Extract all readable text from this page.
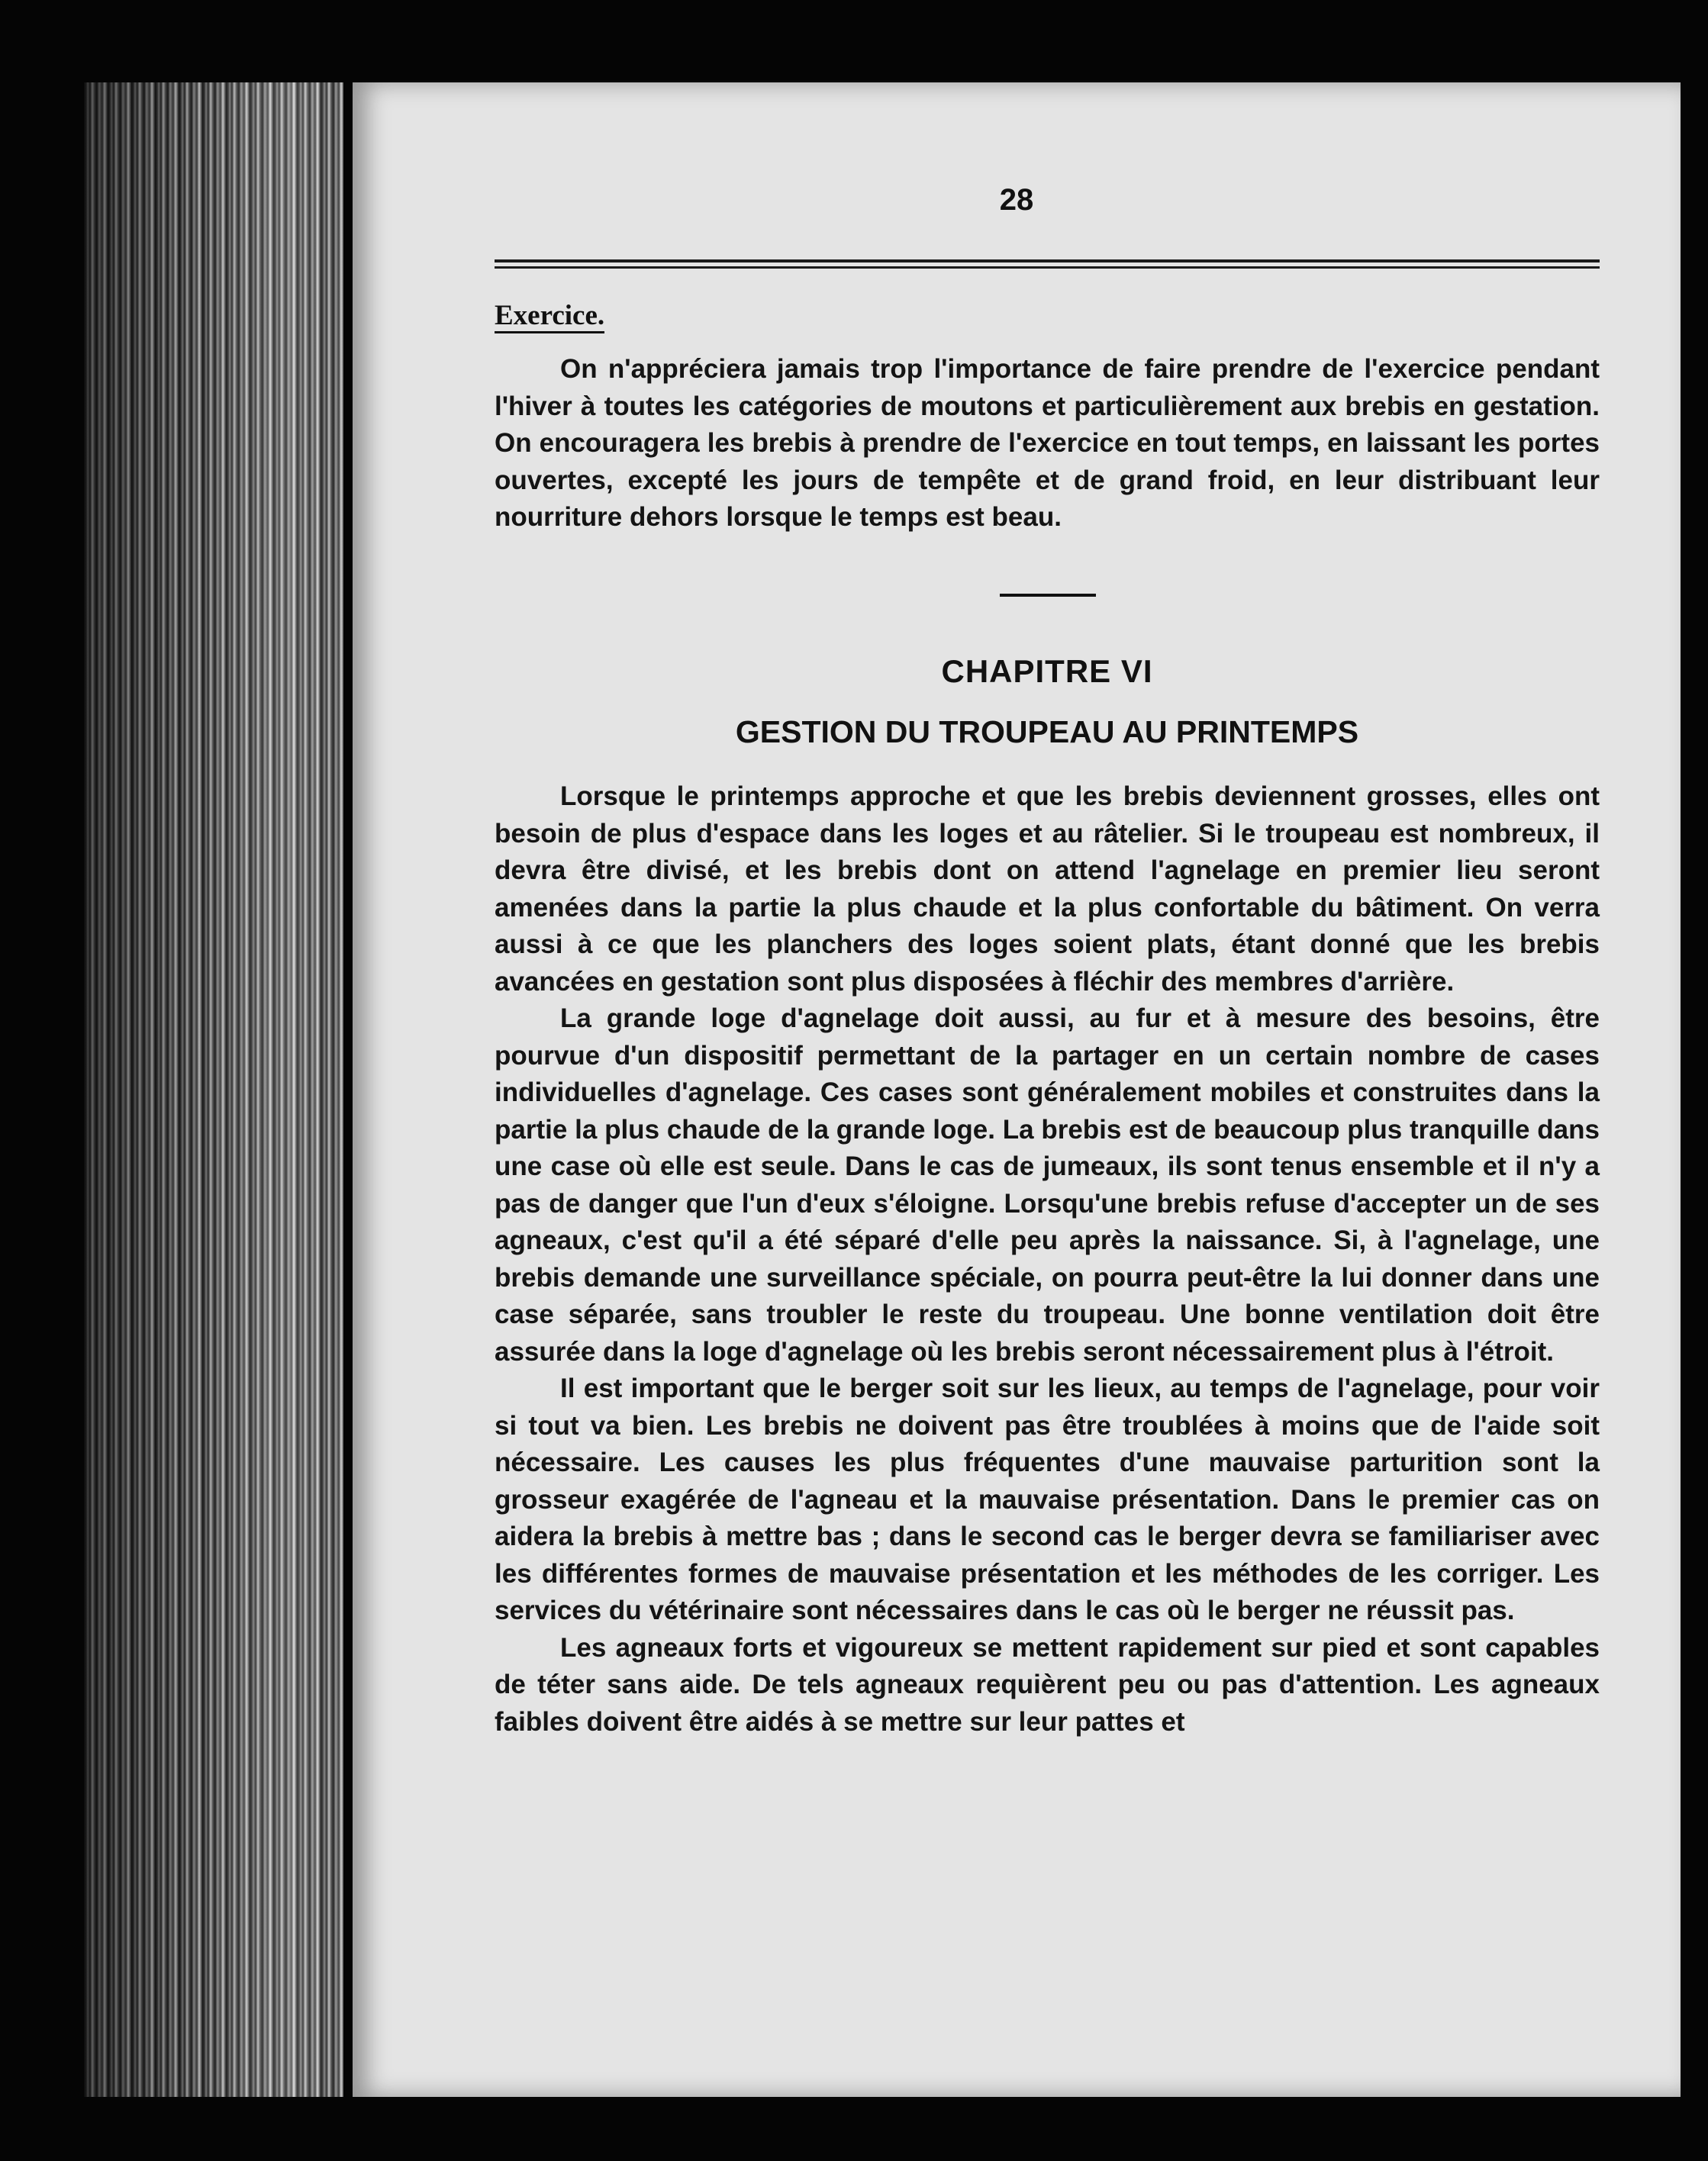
28
Exercice.

On n'appréciera jamais trop l'importance de faire prendre de l'exercice pendant l'hiver à toutes les catégories de moutons et particulièrement aux brebis en gestation. On encouragera les brebis à prendre de l'exercice en tout temps, en laissant les portes ouvertes, excepté les jours de tempête et de grand froid, en leur distribuant leur nourriture dehors lorsque le temps est beau.

CHAPITRE VI
GESTION DU TROUPEAU AU PRINTEMPS

Lorsque le printemps approche et que les brebis deviennent grosses, elles ont besoin de plus d'espace dans les loges et au râtelier. Si le troupeau est nombreux, il devra être divisé, et les brebis dont on attend l'agnelage en premier lieu seront amenées dans la partie la plus chaude et la plus confortable du bâtiment. On verra aussi à ce que les planchers des loges soient plats, étant donné que les brebis avancées en gestation sont plus disposées à fléchir des membres d'arrière.

La grande loge d'agnelage doit aussi, au fur et à mesure des besoins, être pourvue d'un dispositif permettant de la partager en un certain nombre de cases individuelles d'agnelage. Ces cases sont généralement mobiles et construites dans la partie la plus chaude de la grande loge. La brebis est de beaucoup plus tranquille dans une case où elle est seule. Dans le cas de jumeaux, ils sont tenus ensemble et il n'y a pas de danger que l'un d'eux s'éloigne. Lorsqu'une brebis refuse d'accepter un de ses agneaux, c'est qu'il a été séparé d'elle peu après la naissance. Si, à l'agnelage, une brebis demande une surveillance spéciale, on pourra peut-être la lui donner dans une case séparée, sans troubler le reste du troupeau. Une bonne ventilation doit être assurée dans la loge d'agnelage où les brebis seront nécessairement plus à l'étroit.

Il est important que le berger soit sur les lieux, au temps de l'agnelage, pour voir si tout va bien. Les brebis ne doivent pas être troublées à moins que de l'aide soit nécessaire. Les causes les plus fréquentes d'une mauvaise parturition sont la grosseur exagérée de l'agneau et la mauvaise présentation. Dans le premier cas on aidera la brebis à mettre bas ; dans le second cas le berger devra se familiariser avec les différentes formes de mauvaise présentation et les méthodes de les corriger. Les services du vétérinaire sont nécessaires dans le cas où le berger ne réussit pas.

Les agneaux forts et vigoureux se mettent rapidement sur pied et sont capables de téter sans aide. De tels agneaux requièrent peu ou pas d'attention. Les agneaux faibles doivent être aidés à se mettre sur leur pattes et
